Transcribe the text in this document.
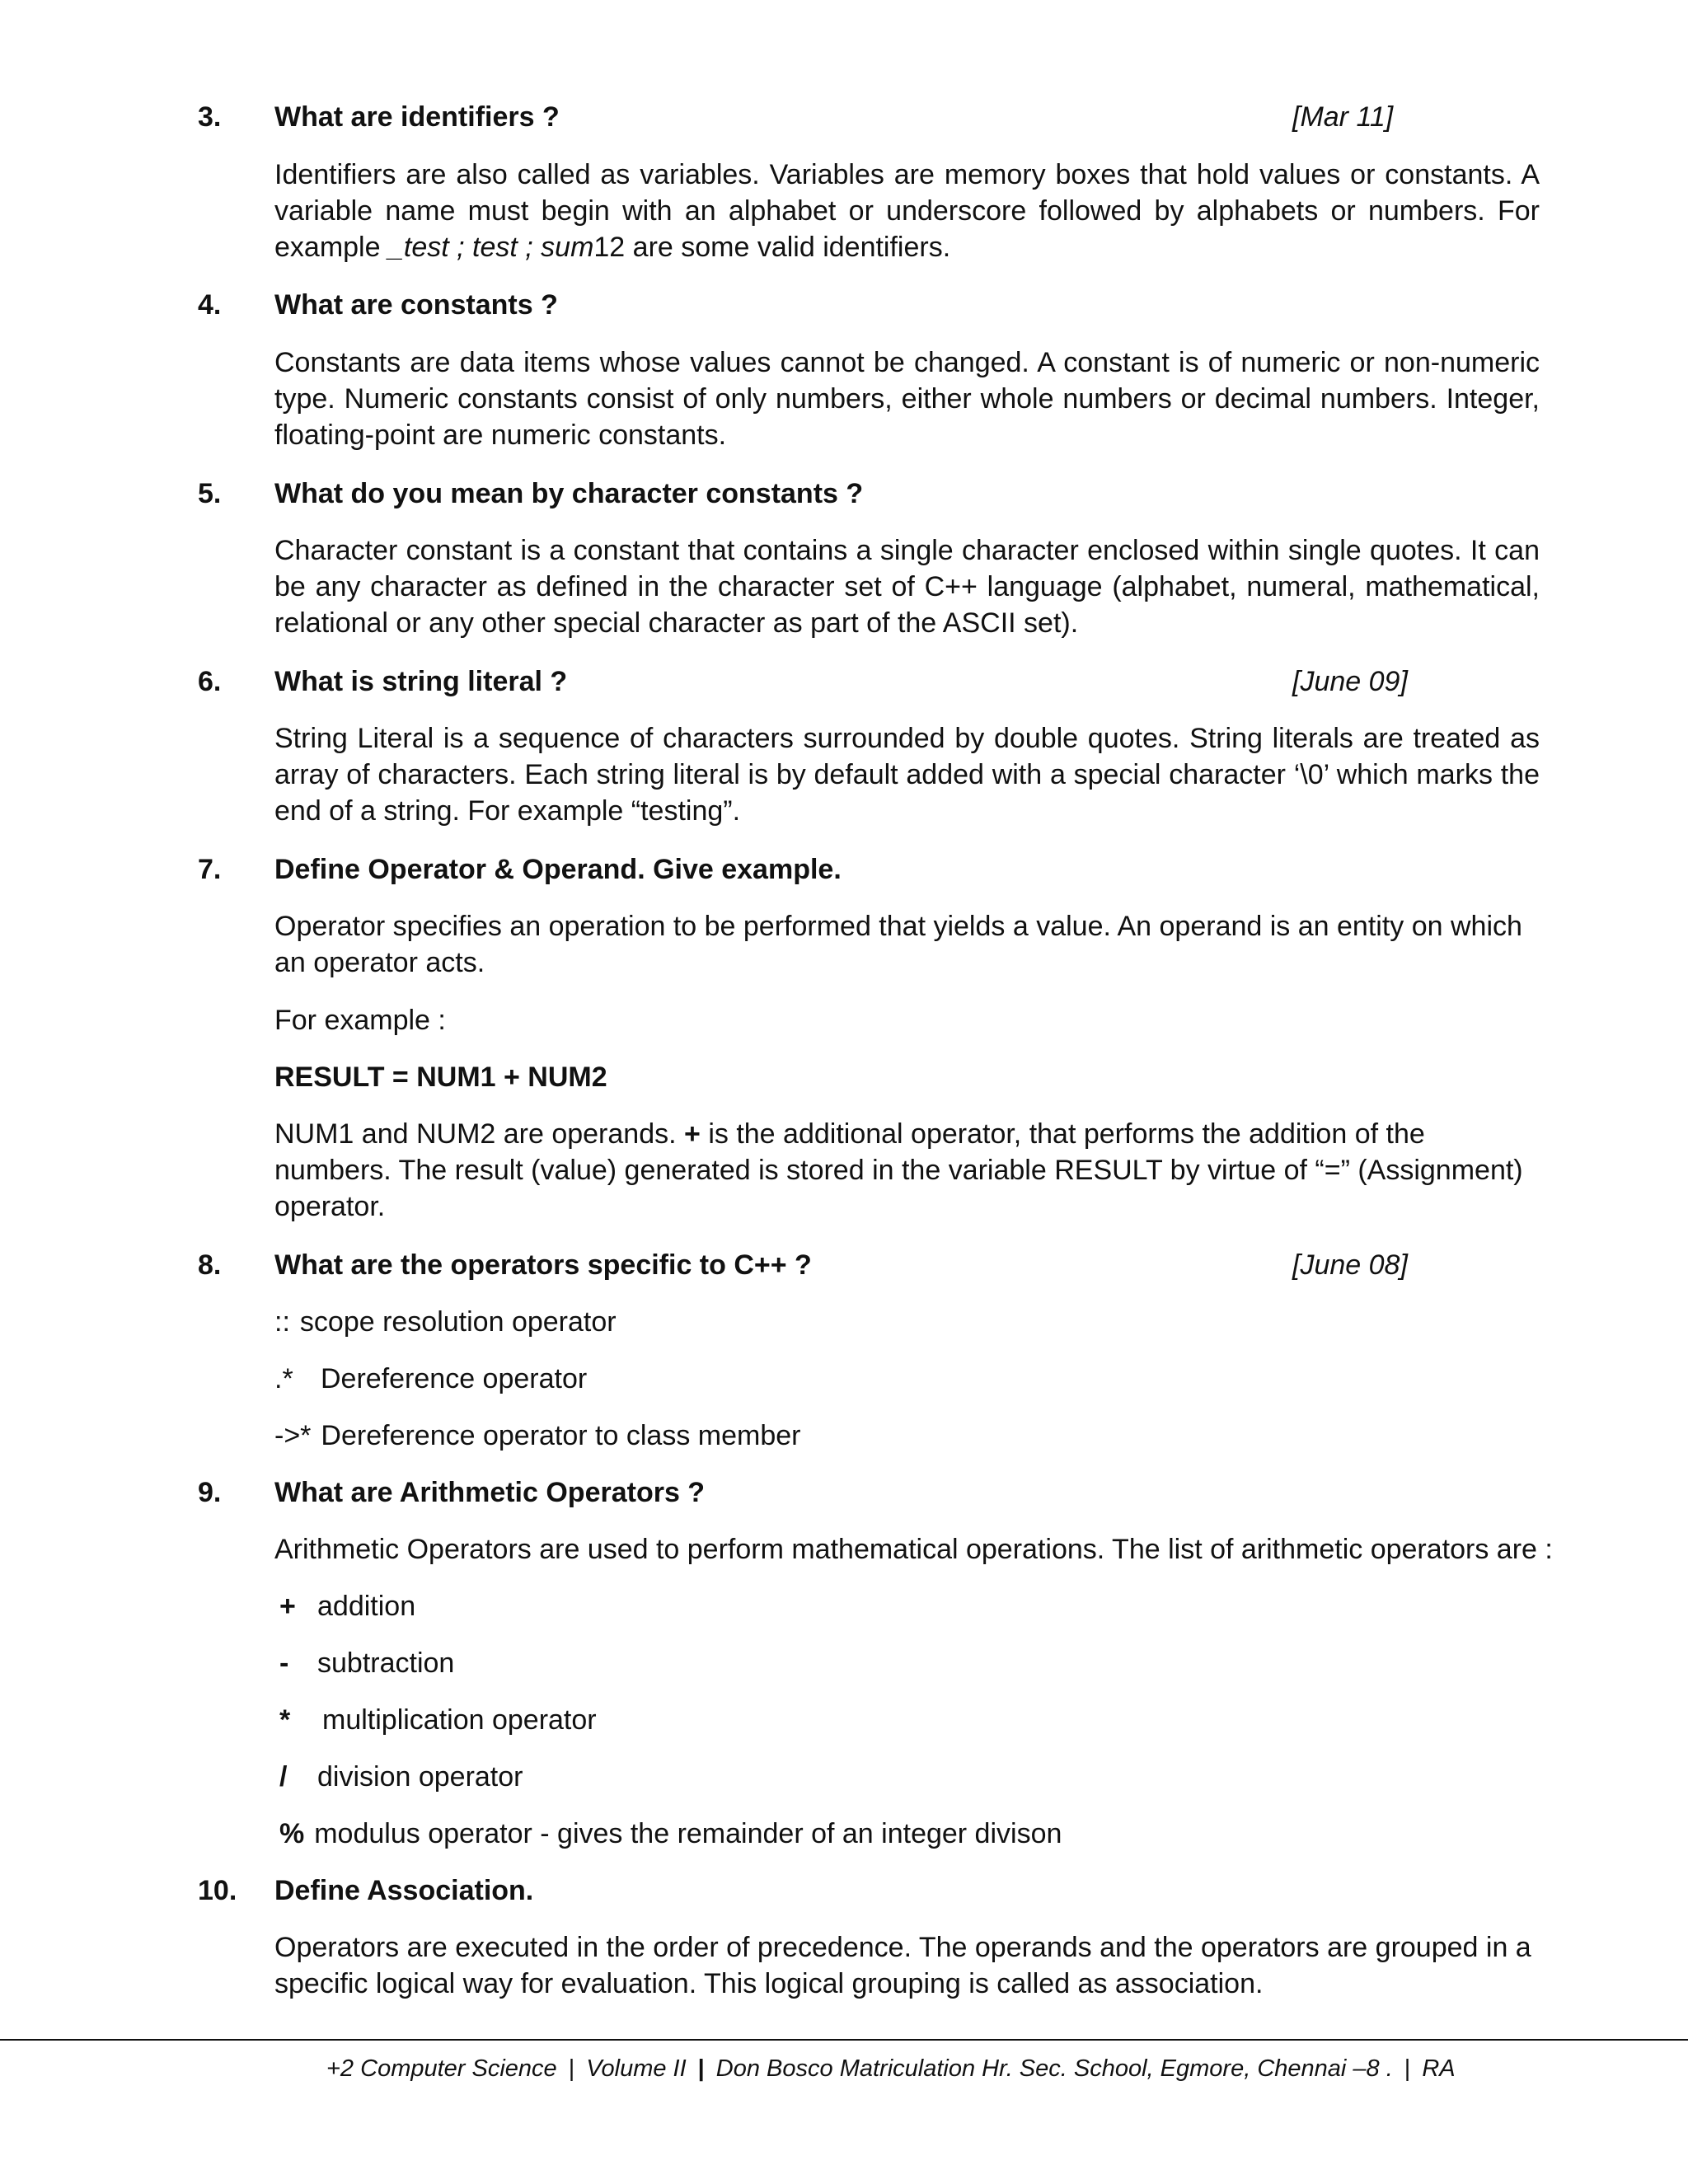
3. What are identifiers ?	[Mar 11]
Identifiers are also called as variables. Variables are memory boxes that hold values or constants. A variable name must begin with an alphabet or underscore followed by alphabets or numbers. For example _test ; test ; sum12 are some valid identifiers.
4. What are constants ?
Constants are data items whose values cannot be changed. A constant is of numeric or non-numeric type. Numeric constants consist of only numbers, either whole numbers or decimal numbers. Integer, floating-point are numeric constants.
5. What do you mean by character constants ?
Character constant is a constant that contains a single character enclosed within single quotes. It can be any character as defined in the character set of C++ language (alphabet, numeral, mathematical, relational or any other special character as part of the ASCII set).
6. What is string literal ?	[June 09]
String Literal is a sequence of characters surrounded by double quotes. String literals are treated as array of characters. Each string literal is by default added with a special character ‘\0’ which marks the end of a string. For example “testing”.
7. Define Operator & Operand. Give example.
Operator specifies an operation to be performed that yields a value. An operand is an entity on which an operator acts.
For example :
RESULT = NUM1 + NUM2
NUM1 and NUM2 are operands. + is the additional operator, that performs the addition of the numbers. The result (value) generated is stored in the variable RESULT by virtue of “=” (Assignment) operator.
8. What are the operators specific to C++ ?	[June 08]
:: scope resolution operator
.* Dereference operator
->* Dereference operator to class member
9. What are Arithmetic Operators ?
Arithmetic Operators are used to perform mathematical operations. The list of arithmetic operators are :
+ addition
- subtraction
* multiplication operator
/ division operator
% modulus operator - gives the remainder of an integer divison
10. Define Association.
Operators are executed in the order of precedence. The operands and the operators are grouped in a specific logical way for evaluation. This logical grouping is called as association.
+2 Computer Science | Volume II | Don Bosco Matriculation Hr. Sec. School, Egmore, Chennai –8 . | RA
